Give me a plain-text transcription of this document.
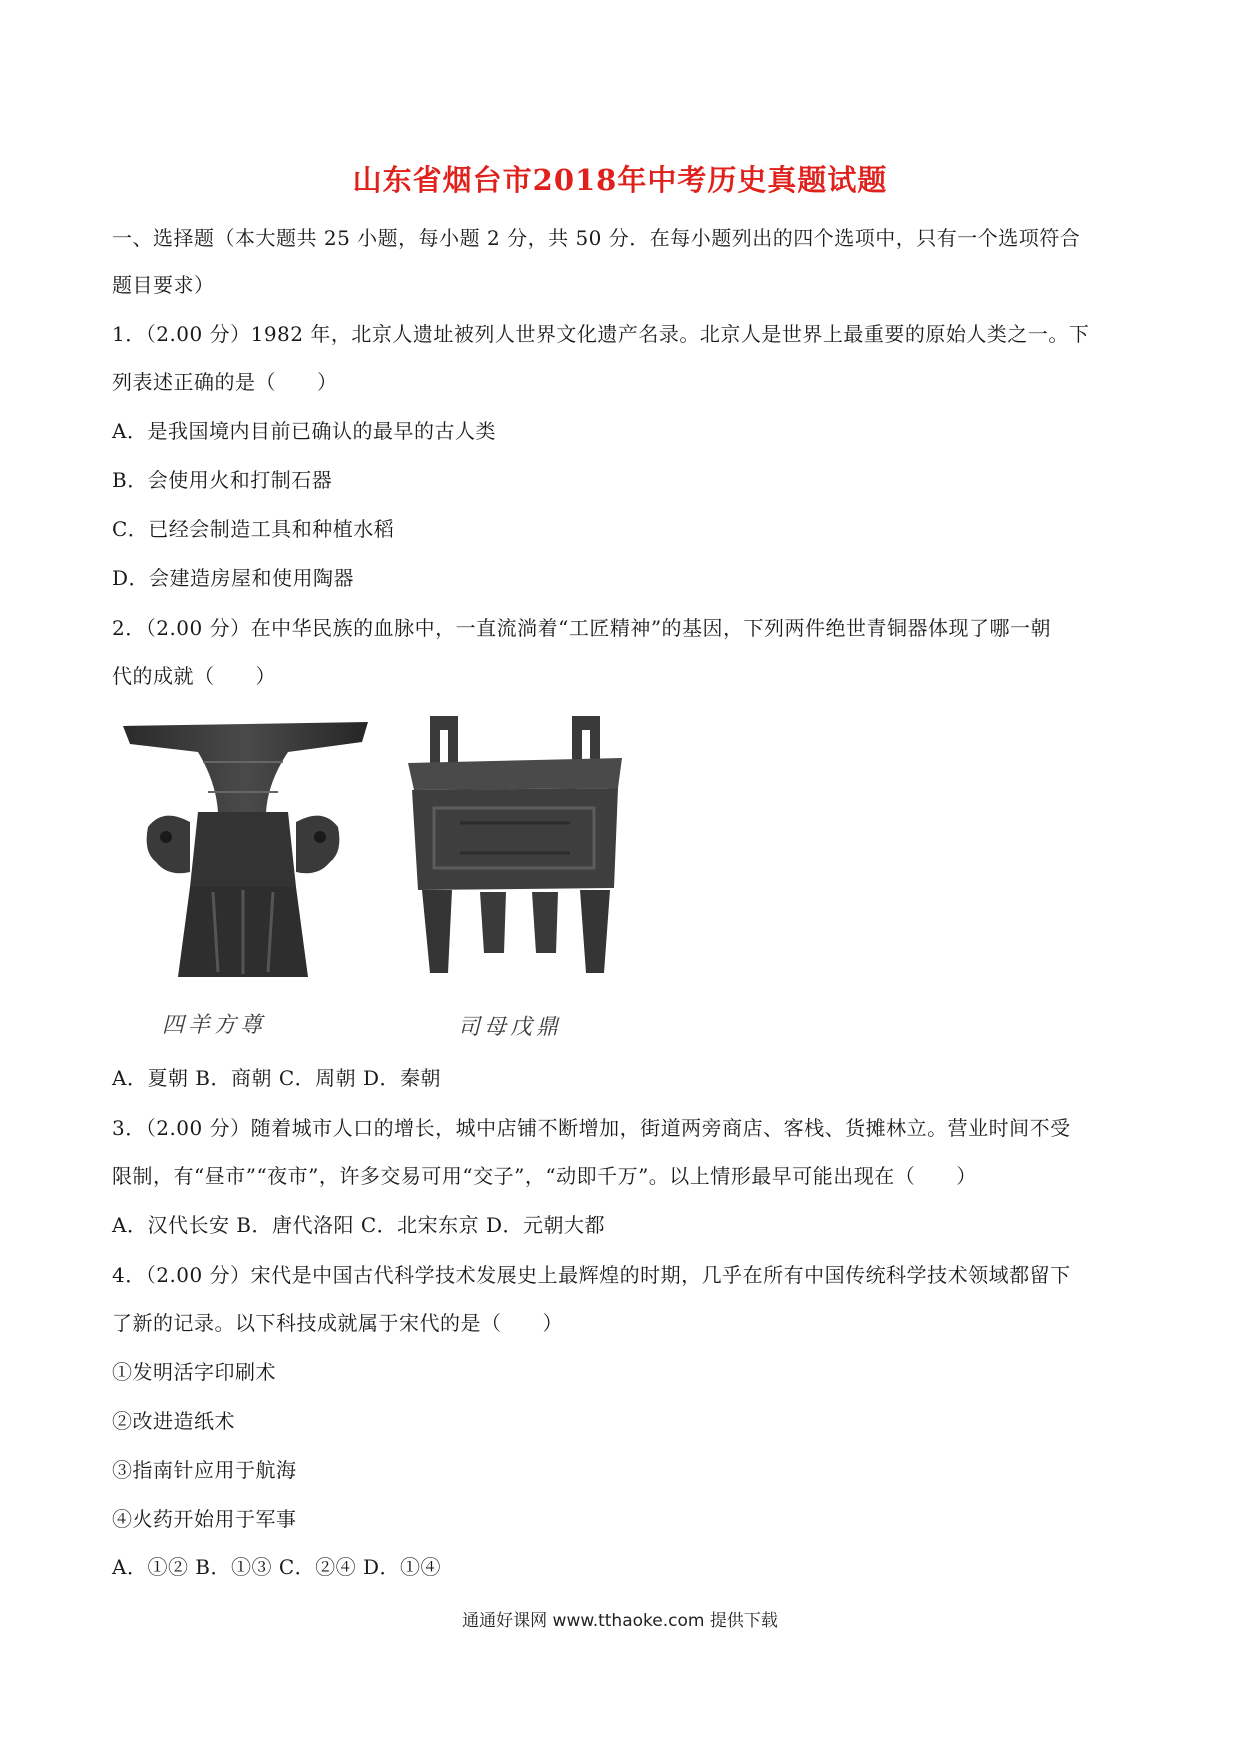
山东省烟台市2018年中考历史真题试题
一、选择题（本大题共 25 小题，每小题 2 分，共 50 分．在每小题列出的四个选项中，只有一个选项符合
题目要求）
1．（2.00 分）1982 年，北京人遗址被列人世界文化遗产名录。北京人是世界上最重要的原始人类之一。下
列表述正确的是（　　）
A．是我国境内目前已确认的最早的古人类
B．会使用火和打制石器
C．已经会制造工具和种植水稻
D．会建造房屋和使用陶器
2．（2.00 分）在中华民族的血脉中，一直流淌着“工匠精神”的基因，下列两件绝世青铜器体现了哪一朝
代的成就（　　）
四羊方尊	司母戊鼎
A．夏朝 B．商朝 C．周朝 D．秦朝
3．（2.00 分）随着城市人口的增长，城中店铺不断增加，街道两旁商店、客栈、货摊林立。营业时间不受
限制，有“昼市”“夜市”，许多交易可用“交子”，“动即千万”。以上情形最早可能出现在（　　）
A．汉代长安 B．唐代洛阳 C．北宋东京 D．元朝大都
4．（2.00 分）宋代是中国古代科学技术发展史上最辉煌的时期，几乎在所有中国传统科学技术领域都留下
了新的记录。以下科技成就属于宋代的是（　　）
①发明活字印刷术
②改进造纸术
③指南针应用于航海
④火药开始用于军事
A．①② B．①③ C．②④ D．①④
通通好课网 www.tthaoke.com 提供下载
